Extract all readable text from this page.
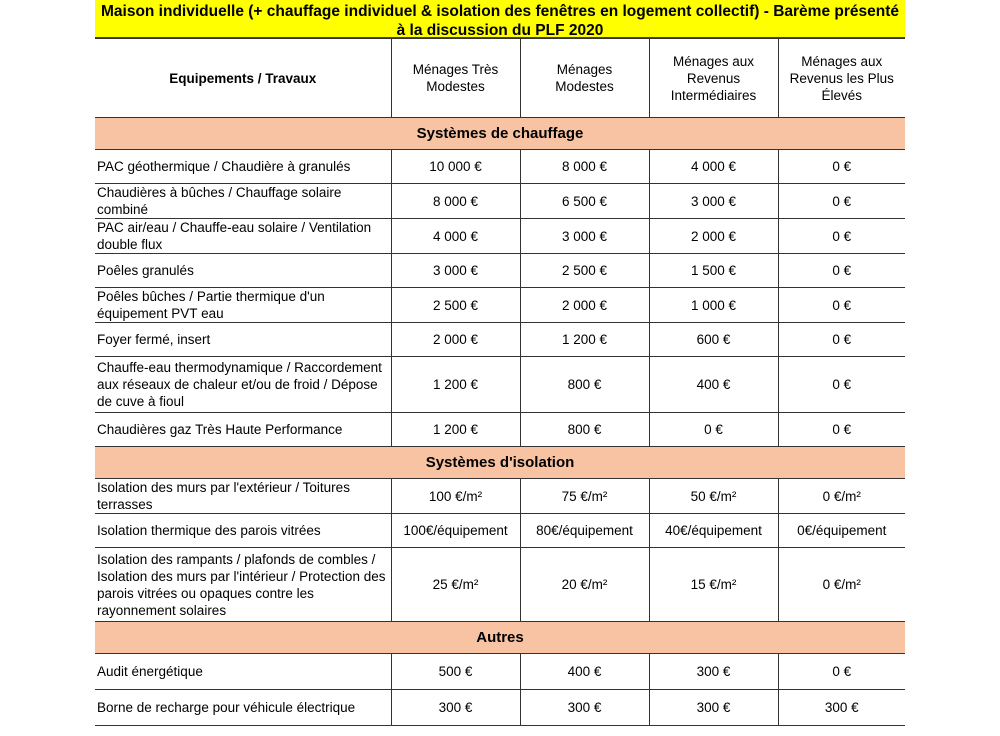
Maison individuelle (+ chauffage individuel & isolation des fenêtres en logement collectif) - Barème présenté à la discussion du PLF 2020
Equipements / Travaux	Ménages Très Modestes	Ménages Modestes	Ménages aux Revenus Intermédiaires	Ménages aux Revenus les Plus Élevés
Systèmes de chauffage				
PAC géothermique / Chaudière à granulés	10 000 €	8 000 €	4 000 €	0 €
Chaudières à bûches / Chauffage solaire combiné	8 000 €	6 500 €	3 000 €	0 €
PAC air/eau / Chauffe-eau solaire / Ventilation double flux	4 000 €	3 000 €	2 000 €	0 €
Poêles granulés	3 000 €	2 500 €	1 500 €	0 €
Poêles bûches / Partie thermique d'un équipement PVT eau	2 500 €	2 000 €	1 000 €	0 €
Foyer fermé, insert	2 000 €	1 200 €	600 €	0 €
Chauffe-eau thermodynamique / Raccordement aux réseaux de chaleur et/ou de froid / Dépose de cuve à fioul	1 200 €	800 €	400 €	0 €
Chaudières gaz Très Haute Performance	1 200 €	800 €	0 €	0 €
Systèmes d'isolation				
Isolation des murs par l'extérieur / Toitures terrasses	100 €/m²	75 €/m²	50 €/m²	0 €/m²
Isolation thermique des parois vitrées	100€/équipement	80€/équipement	40€/équipement	0€/équipement
Isolation des rampants / plafonds de combles / Isolation des murs par l'intérieur / Protection des parois vitrées ou opaques contre les rayonnement solaires	25 €/m²	20 €/m²	15 €/m²	0 €/m²
Autres				
Audit énergétique	500 €	400 €	300 €	0 €
Borne de recharge pour véhicule électrique	300 €	300 €	300 €	300 €
